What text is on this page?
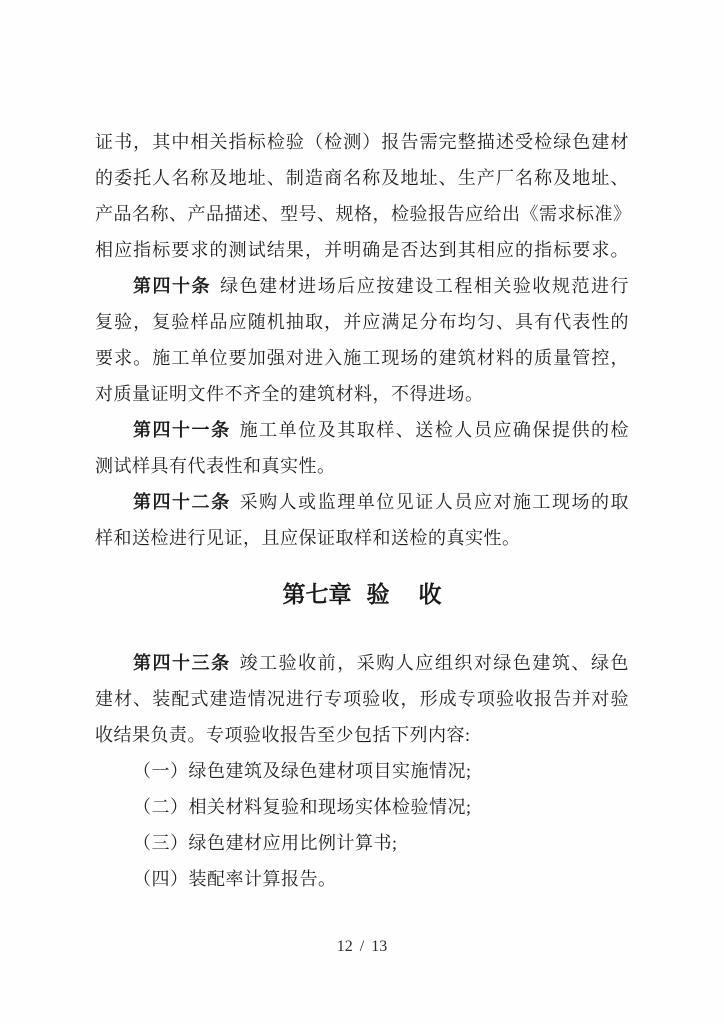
证书，其中相关指标检验（检测）报告需完整描述受检绿色建材

的委托人名称及地址、制造商名称及地址、生产厂名称及地址、

产品名称、产品描述、型号、规格，检验报告应给出《需求标准》

相应指标要求的测试结果，并明确是否达到其相应的指标要求。

第四十条 绿色建材进场后应按建设工程相关验收规范进行

复验，复验样品应随机抽取，并应满足分布均匀、具有代表性的

要求。施工单位要加强对进入施工现场的建筑材料的质量管控，

对质量证明文件不齐全的建筑材料，不得进场。

第四十一条 施工单位及其取样、送检人员应确保提供的检

测试样具有代表性和真实性。

第四十二条 采购人或监理单位见证人员应对施工现场的取

样和送检进行见证，且应保证取样和送检的真实性。

第七章 验 收

第四十三条 竣工验收前，采购人应组织对绿色建筑、绿色

建材、装配式建造情况进行专项验收，形成专项验收报告并对验

收结果负责。专项验收报告至少包括下列内容:

（一）绿色建筑及绿色建材项目实施情况;

（二）相关材料复验和现场实体检验情况;

（三）绿色建材应用比例计算书;

（四）装配率计算报告。

12 / 13
